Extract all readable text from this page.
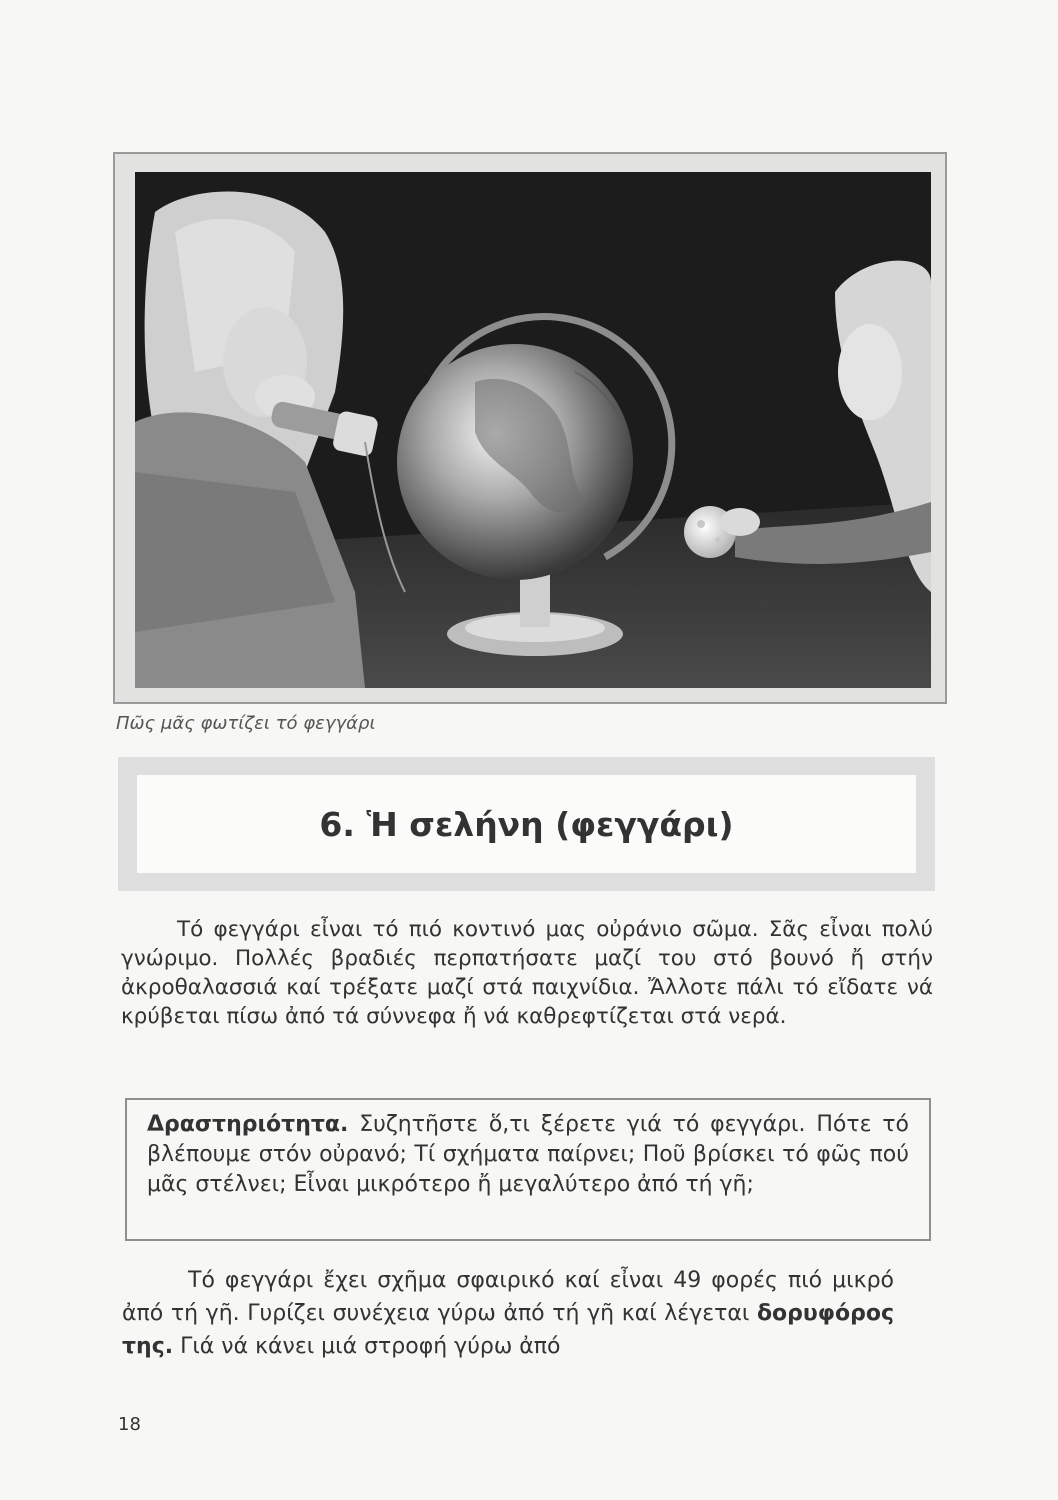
Πῶς μᾶς φωτίζει τό φεγγάρι
6. Ἡ σελήνη (φεγγάρι)
Τό φεγγάρι εἶναι τό πιό κοντινό μας οὐράνιο σῶμα. Σᾶς εἶναι πολύ γνώριμο. Πολλές βραδιές περπατήσατε μαζί του στό βουνό ἤ στήν ἀκροθαλασσιά καί τρέξατε μαζί στά παιχνίδια. Ἄλλοτε πάλι τό εἴδατε νά κρύβεται πίσω ἀπό τά σύννεφα ἤ νά καθρεφτίζεται στά νερά.
Δραστηριότητα. Συζητῆστε ὅ,τι ξέρετε γιά τό φεγγάρι. Πότε τό βλέπουμε στόν οὐρανό; Τί σχήματα παίρνει; Ποῦ βρίσκει τό φῶς πού μᾶς στέλνει; Εἶναι μικρότερο ἤ μεγαλύτερο ἀπό τή γῆ;
Τό φεγγάρι ἔχει σχῆμα σφαιρικό καί εἶναι 49 φορές πιό μικρό ἀπό τή γῆ. Γυρίζει συνέχεια γύρω ἀπό τή γῆ καί λέγεται δορυφόρος της. Γιά νά κάνει μιά στροφή γύρω ἀπό
18
